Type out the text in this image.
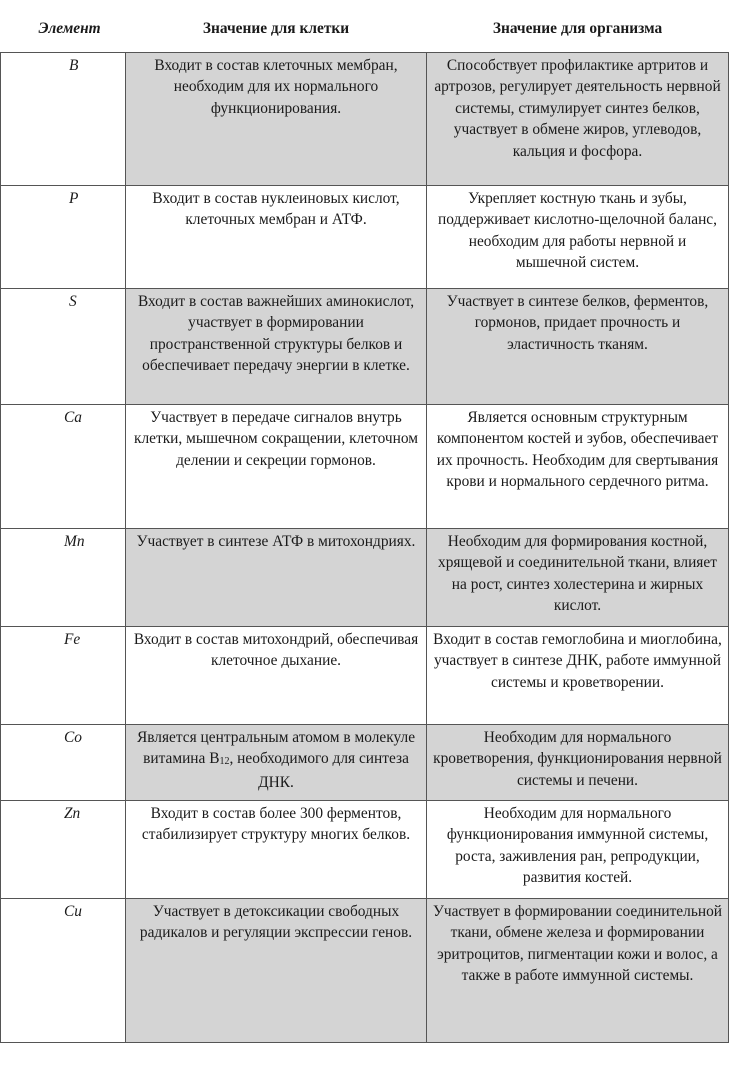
Элемент	Значение для клетки	Значение для организма
B	Входит в состав клеточных мембран, необходим для их нормального функционирования.	Способствует профилактике артритов и артрозов, регулирует деятельность нервной системы, стимулирует синтез белков, участвует в обмене жиров, углеводов, кальция и фосфора.
P	Входит в состав нуклеиновых кислот, клеточных мембран и АТФ.	Укрепляет костную ткань и зубы, поддерживает кислотно-щелочной баланс, необходим для работы нервной и мышечной систем.
S	Входит в состав важнейших аминокислот, участвует в формировании пространственной структуры белков и обеспечивает передачу энергии в клетке.	Участвует в синтезе белков, ферментов, гормонов, придает прочность и эластичность тканям.
Ca	Участвует в передаче сигналов внутрь клетки, мышечном сокращении, клеточном делении и секреции гормонов.	Является основным структурным компонентом костей и зубов, обеспечивает их прочность. Необходим для свертывания крови и нормального сердечного ритма.
Mn	Участвует в синтезе АТФ в митохондриях.	Необходим для формирования костной, хрящевой и соединительной ткани, влияет на рост, синтез холестерина и жирных кислот.
Fe	Входит в состав митохондрий, обеспечивая клеточное дыхание.	Входит в состав гемоглобина и миоглобина, участвует в синтезе ДНК, работе иммунной системы и кроветворении.
Co	Является центральным атомом в молекуле витамина $B_{12}$, необходимого для синтеза ДНК.	Необходим для нормального кроветворения, функционирования нервной системы и печени.
Zn	Входит в состав более 300 ферментов, стабилизирует структуру многих белков.	Необходим для нормального функционирования иммунной системы, роста, заживления ран, репродукции, развития костей.
Cu	Участвует в детоксикации свободных радикалов и регуляции экспрессии генов.	Участвует в формировании соединительной ткани, обмене железа и формировании эритроцитов, пигментации кожи и волос, а также в работе иммунной системы.
